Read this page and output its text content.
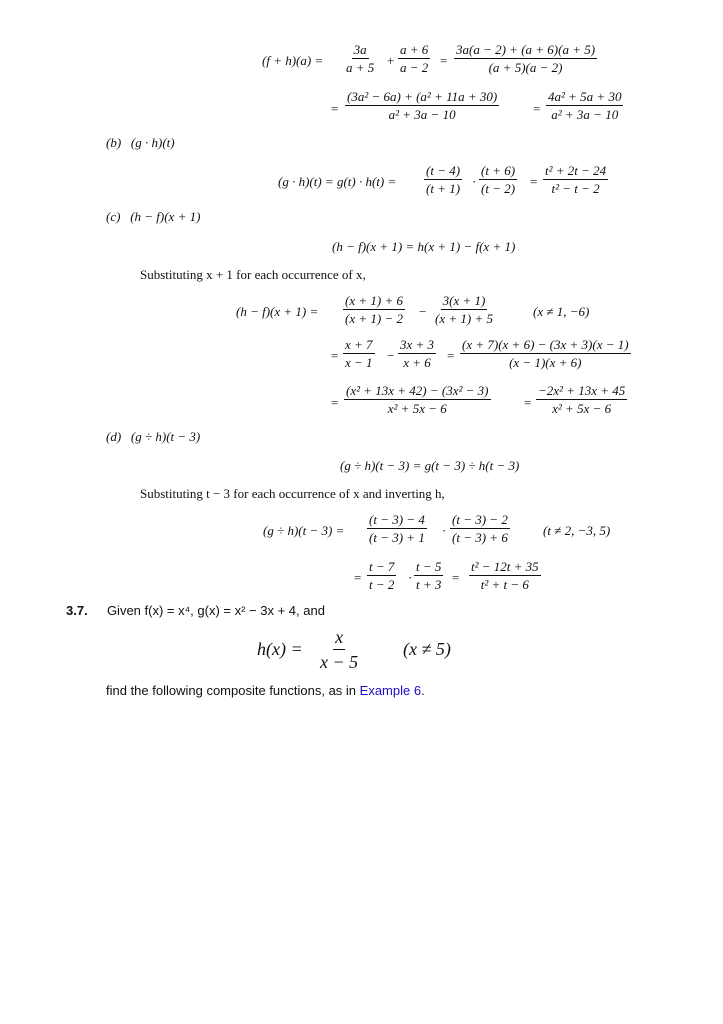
$(f + h)(a) = \frac{3a}{a + 5} + \frac{a + 6}{a - 2} = \frac{3a(a - 2) + (a + 6)(a + 5)}{(a + 5)(a - 2)}$
= $\frac{\text{(3a² − 6a) + (a² + 11a + 30)}}{\text{a² + 3a − 10}}$	= $\frac{\text{4a² + 5a + 30}}{\text{a² + 3a − 10}}$
(b) (g · h)(t)
$(g \cdot h)(t) = g(t) \cdot h(t) = \frac{(t - 4)}{(t + 1)} \cdot \frac{(t + 6)}{(t - 2)} = \frac{\text{t² + 2t − 24}}{\text{t² − t − 2}}$
(c) (h − f)(x + 1)
(h − f)(x + 1) = h(x + 1) − f(x + 1)
Substituting x + 1 for each occurrence of x,
$(h - f)(x + 1) = \frac{(x + 1) + 6}{(x + 1) - 2} - \frac{3(x + 1)}{(x + 1) + 5}$	(x ≠ 1, −6)
= $\frac{x + 7}{x - 1} - \frac{3x + 3}{x + 6} = \frac{(x + 7)(x + 6) - (3x + 3)(x - 1)}{(x - 1)(x + 6)}$
= $\frac{\text{(x² + 13x + 42) − (3x² − 3)}}{\text{x² + 5x − 6}}$	= $\frac{\text{−2x² + 13x + 45}}{\text{x² + 5x − 6}}$
(d) (g ÷ h)(t − 3)
(g ÷ h)(t − 3) = g(t − 3) ÷ h(t − 3)
Substituting t − 3 for each occurrence of x and inverting h,
$(g \div h)(t - 3) = \frac{(t - 3) - 4}{(t - 3) + 1} \cdot \frac{(t - 3) - 2}{(t - 3) + 6}$	(t ≠ 2, −3, 5)
= $\frac{t - 7}{t - 2} \cdot \frac{t - 5}{t + 3} = \frac{\text{t² − 12t + 35}}{\text{t² + t − 6}}$
3.7. Given f(x) = x⁴, g(x) = x² − 3x + 4, and
$h(x) = \frac{x}{x - 5} (x \ne 5)$
find the following composite functions, as in Example 6.
